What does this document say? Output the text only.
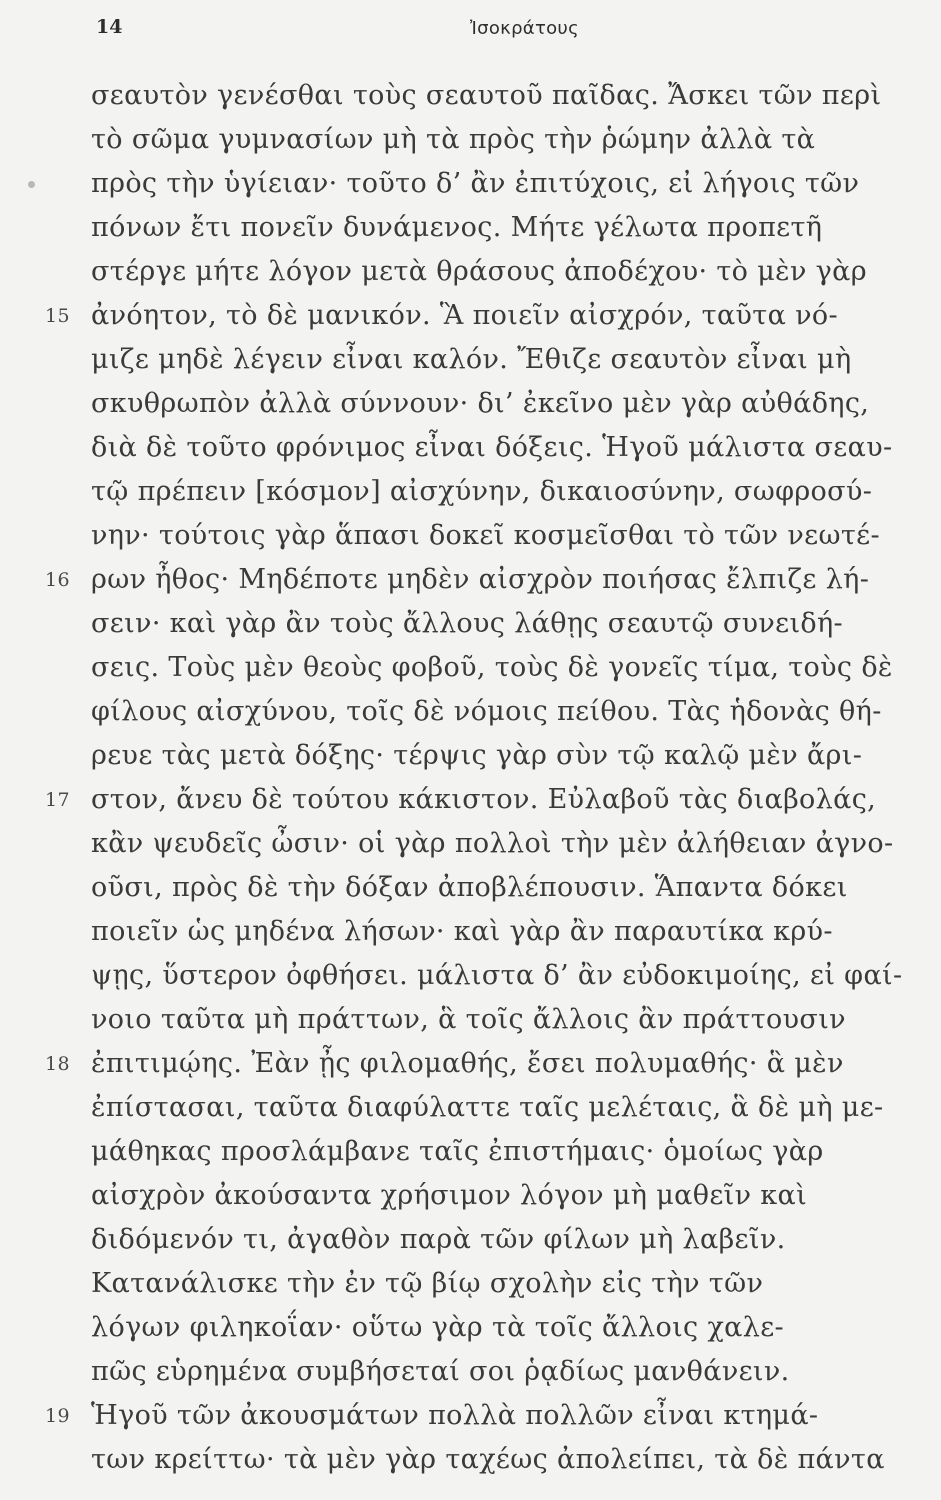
14	Ἰσοκράτους
σεαυτὸν γενέσθαι τοὺς σεαυτοῦ παῖδας. Ἄσκει τῶν περὶ
τὸ σῶμα γυμνασίων μὴ τὰ πρὸς τὴν ῥώμην ἀλλὰ τὰ
πρὸς τὴν ὑγίειαν· τοῦτο δ’ ἂν ἐπιτύχοις, εἰ λήγοις τῶν
πόνων ἔτι πονεῖν δυνάμενος. Μήτε γέλωτα προπετῆ
στέργε μήτε λόγον μετὰ θράσους ἀποδέχου· τὸ μὲν γὰρ
15 ἀνόητον, τὸ δὲ μανικόν. Ἃ ποιεῖν αἰσχρόν, ταῦτα νό-
μιζε μηδὲ λέγειν εἶναι καλόν. Ἔθιζε σεαυτὸν εἶναι μὴ
σκυθρωπὸν ἀλλὰ σύννουν· δι’ ἐκεῖνο μὲν γὰρ αὐθάδης,
διὰ δὲ τοῦτο φρόνιμος εἶναι δόξεις. Ἡγοῦ μάλιστα σεαυ-
τῷ πρέπειν [κόσμον] αἰσχύνην, δικαιοσύνην, σωφροσύ-
νην· τούτοις γὰρ ἅπασι δοκεῖ κοσμεῖσθαι τὸ τῶν νεωτέ-
16 ρων ἦθος· Μηδέποτε μηδὲν αἰσχρὸν ποιήσας ἔλπιζε λή-
σειν· καὶ γὰρ ἂν τοὺς ἄλλους λάθῃς σεαυτῷ συνειδή-
σεις. Τοὺς μὲν θεοὺς φοβοῦ, τοὺς δὲ γονεῖς τίμα, τοὺς δὲ
φίλους αἰσχύνου, τοῖς δὲ νόμοις πείθου. Τὰς ἡδονὰς θή-
ρευε τὰς μετὰ δόξης· τέρψις γὰρ σὺν τῷ καλῷ μὲν ἄρι-
17 στον, ἄνευ δὲ τούτου κάκιστον. Εὐλαβοῦ τὰς διαβολάς,
κἂν ψευδεῖς ὦσιν· οἱ γὰρ πολλοὶ τὴν μὲν ἀλήθειαν ἀγνο-
οῦσι, πρὸς δὲ τὴν δόξαν ἀποβλέπουσιν. Ἅπαντα δόκει
ποιεῖν ὡς μηδένα λήσων· καὶ γὰρ ἂν παραυτίκα κρύ-
ψῃς, ὕστερον ὀφθήσει. μάλιστα δ’ ἂν εὐδοκιμοίης, εἰ φαί-
νοιο ταῦτα μὴ πράττων, ἃ τοῖς ἄλλοις ἂν πράττουσιν
18 ἐπιτιμῴης. Ἐὰν ᾖς φιλομαθής, ἔσει πολυμαθής· ἃ μὲν
ἐπίστασαι, ταῦτα διαφύλαττε ταῖς μελέταις, ἃ δὲ μὴ με-
μάθηκας προσλάμβανε ταῖς ἐπιστήμαις· ὁμοίως γὰρ
αἰσχρὸν ἀκούσαντα χρήσιμον λόγον μὴ μαθεῖν καὶ
διδόμενόν τι, ἀγαθὸν παρὰ τῶν φίλων μὴ λαβεῖν.
Κατανάλισκε τὴν ἐν τῷ βίῳ σχολὴν εἰς τὴν τῶν
λόγων φιληκοΐαν· οὕτω γὰρ τὰ τοῖς ἄλλοις χαλε-
πῶς εὑρημένα συμβήσεταί σοι ῥᾳδίως μανθάνειν.
19 Ἡγοῦ τῶν ἀκουσμάτων πολλὰ πολλῶν εἶναι κτημά-
των κρείττω· τὰ μὲν γὰρ ταχέως ἀπολείπει, τὰ δὲ πάντα
